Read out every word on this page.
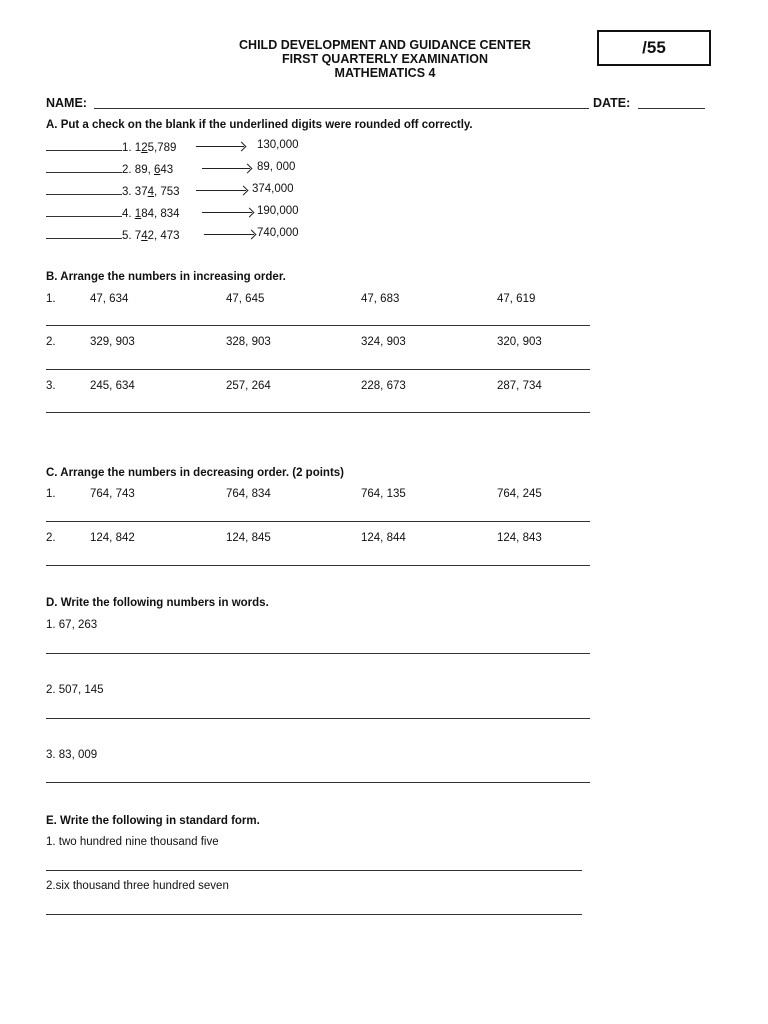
CHILD DEVELOPMENT AND GUIDANCE CENTER
FIRST QUARTERLY EXAMINATION
MATHEMATICS 4
/55
NAME:	DATE:
A. Put a check on the blank if the underlined digits were rounded off correctly.
1. 125,789	130,000
2. 89, 643	89, 000
3. 374, 753	374,000
4. 184, 834	190,000
5. 742, 473	740,000
B. Arrange the numbers in increasing order.
1.	47, 634	47, 645	47, 683	47, 619
2.	329, 903	328, 903	324, 903	320, 903
3.	245, 634	257, 264	228, 673	287, 734
C. Arrange the numbers in decreasing order. (2 points)
1.	764, 743	764, 834	764, 135	764, 245
2.	124, 842	124, 845	124, 844	124, 843
D. Write the following numbers in words.
1. 67, 263
2. 507, 145
3. 83, 009
E. Write the following in standard form.
1. two hundred nine thousand five
2.six thousand three hundred seven
